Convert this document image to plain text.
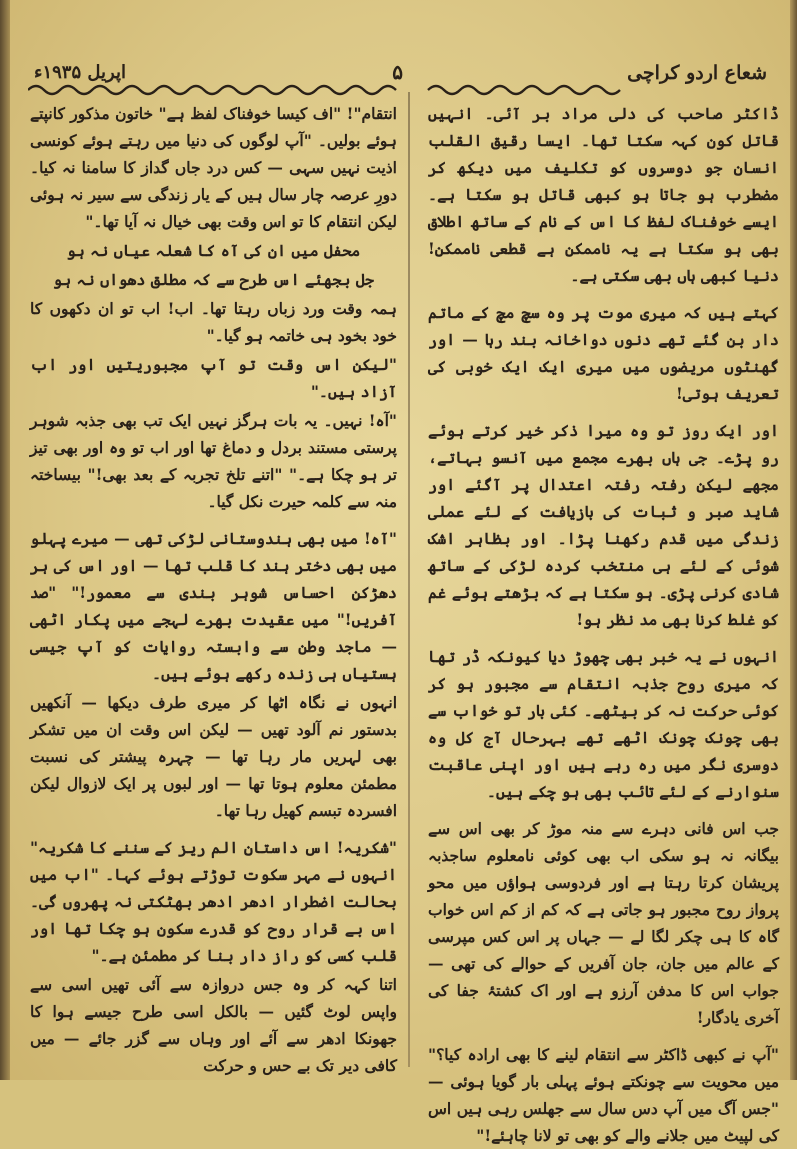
شعاع اردو کراچی
۵
اپریل ۱۹۳۵ء

ڈاکٹر صاحب کی دلی مراد بر آئی۔ انہیں قاتل کون کہہ سکتا تھا۔ ایسا رقیق القلب انسان جو دوسروں کو تکلیف میں دیکھ کر مضطرب ہو جاتا ہو کبھی قاتل ہو سکتا ہے۔ ایسے خوفناک لفظ کا اس کے نام کے ساتھ اطلاق بھی ہو سکتا ہے یہ ناممکن ہے قطعی ناممکن! دنیا کبھی ہاں بھی سکتی ہے۔

کہتے ہیں کہ میری موت پر وہ سچ مچ کے ماتم دار بن گئے تھے دنوں دواخانہ بند رہا — اور گھنٹوں مریضوں میں میری ایک ایک خوبی کی تعریف ہوتی!

اور ایک روز تو وہ میرا ذکر خیر کرتے ہوئے رو پڑے۔ جی ہاں بھرے مجمع میں آنسو بہاتے، مجھے لیکن رفتہ رفتہ اعتدال پر آگئے اور شاید صبر و ثبات کی بازیافت کے لئے عملی زندگی میں قدم رکھنا پڑا۔ اور بظاہر اشک شوئی کے لئے ہی منتخب کردہ لڑکی کے ساتھ شادی کرنی پڑی۔ ہو سکتا ہے کہ بڑھتے ہوئے غم کو غلط کرنا بھی مد نظر ہو!

انہوں نے یہ خبر بھی چھوڑ دیا کیونکہ ڈر تھا کہ میری روح جذبہ انتقام سے مجبور ہو کر کوئی حرکت نہ کر بیٹھے۔ کئی بار تو خواب سے بھی چونک چونک اٹھے تھے بہرحال آج کل وہ دوسری نگر میں رہ رہے ہیں اور اپنی عاقبت سنوارنے کے لئے تائب بھی ہو چکے ہیں۔

جب اس فانی دہرے سے منہ موڑ کر بھی اس سے بیگانہ نہ ہو سکی اب بھی کوئی نامعلوم ساجذبہ پریشان کرتا رہتا ہے اور فردوسی ہواؤں میں محو پرواز روح مجبور ہو جاتی ہے کہ کم از کم اس خواب گاہ کا ہی چکر لگا لے — جہاں پر اس کس مپرسی کے عالم میں جان، جان آفریں کے حوالے کی تھی — جواب اس کا مدفن آرزو ہے اور اک کشتۂ جفا کی آخری یادگار!

"آپ نے کبھی ڈاکٹر سے انتقام لینے کا بھی ارادہ کیا؟" میں محویت سے چونکتے ہوئے پہلی بار گویا ہوئی — "جس آگ میں آپ دس سال سے جھلس رہی ہیں اس کی لپیٹ میں جلانے والے کو بھی تو لانا چاہئے!"

انتقام"! "اف کیسا خوفناک لفظ ہے" خاتون مذکور کانپتے ہوئے بولیں۔ "آپ لوگوں کی دنیا میں رہتے ہوئے کونسی اذیت نہیں سہی — کس درد جاں گداز کا سامنا نہ کیا۔ دورِ عرصہ چار سال ہیں کے یار زندگی سے سیر نہ ہوئی لیکن انتقام کا تو اس وقت بھی خیال نہ آیا تھا۔"

محفل میں ان کی آہ کا شعلہ عیاں نہ ہو

جل بجھئے اس طرح سے کہ مطلق دھواں نہ ہو

ہمہ وقت ورد زباں رہتا تھا۔ اب! اب تو ان دکھوں کا خود بخود ہی خاتمہ ہو گیا۔"

"لیکن اس وقت تو آپ مجبوریتیں اور اب آزاد ہیں۔"

"آہ! نہیں۔ یہ بات ہرگز نہیں ایک تب بھی جذبہ شوہر پرستی مستند بردل و دماغ تھا اور اب تو وہ اور بھی تیز تر ہو چکا ہے۔" "اتنے تلخ تجربہ کے بعد بھی!" بیساختہ منہ سے کلمہ حیرت نکل گیا۔

"آہ! میں بھی ہندوستانی لڑکی تھی — میرے پہلو میں بھی دختر ہند کا قلب تھا — اور اس کی ہر دھڑکن احساس شوہر بندی سے معمور!" "صد آفریں!" میں عقیدت بھرے لہجے میں پکار اٹھی — ماجد وطن سے وابستہ روایات کو آپ جیسی ہستیاں ہی زندہ رکھے ہوئے ہیں۔

انہوں نے نگاہ اٹھا کر میری طرف دیکھا — آنکھیں بدستور نم آلود تھیں — لیکن اس وقت ان میں تشکر بھی لہریں مار رہا تھا — چہرہ پیشتر کی نسبت مطمئن معلوم ہوتا تھا — اور لبوں پر ایک لازوال لیکن افسردہ تبسم کھیل رہا تھا۔

"شکریہ! اس داستان الم ریز کے سننے کا شکریہ" انہوں نے مہر سکوت توڑتے ہوئے کہا۔ "اب میں بحالت اضطرار ادھر ادھر بھٹکتی نہ پھروں گی۔ اس بے قرار روح کو قدرے سکون ہو چکا تھا اور قلب کسی کو راز دار بنا کر مطمئن ہے۔"

اتنا کہہ کر وہ جس دروازہ سے آئی تھیں اسی سے واپس لوٹ گئیں — بالکل اسی طرح جیسے ہوا کا جھونکا ادھر سے آئے اور وہاں سے گزر جائے — میں کافی دیر تک بے حس و حرکت
